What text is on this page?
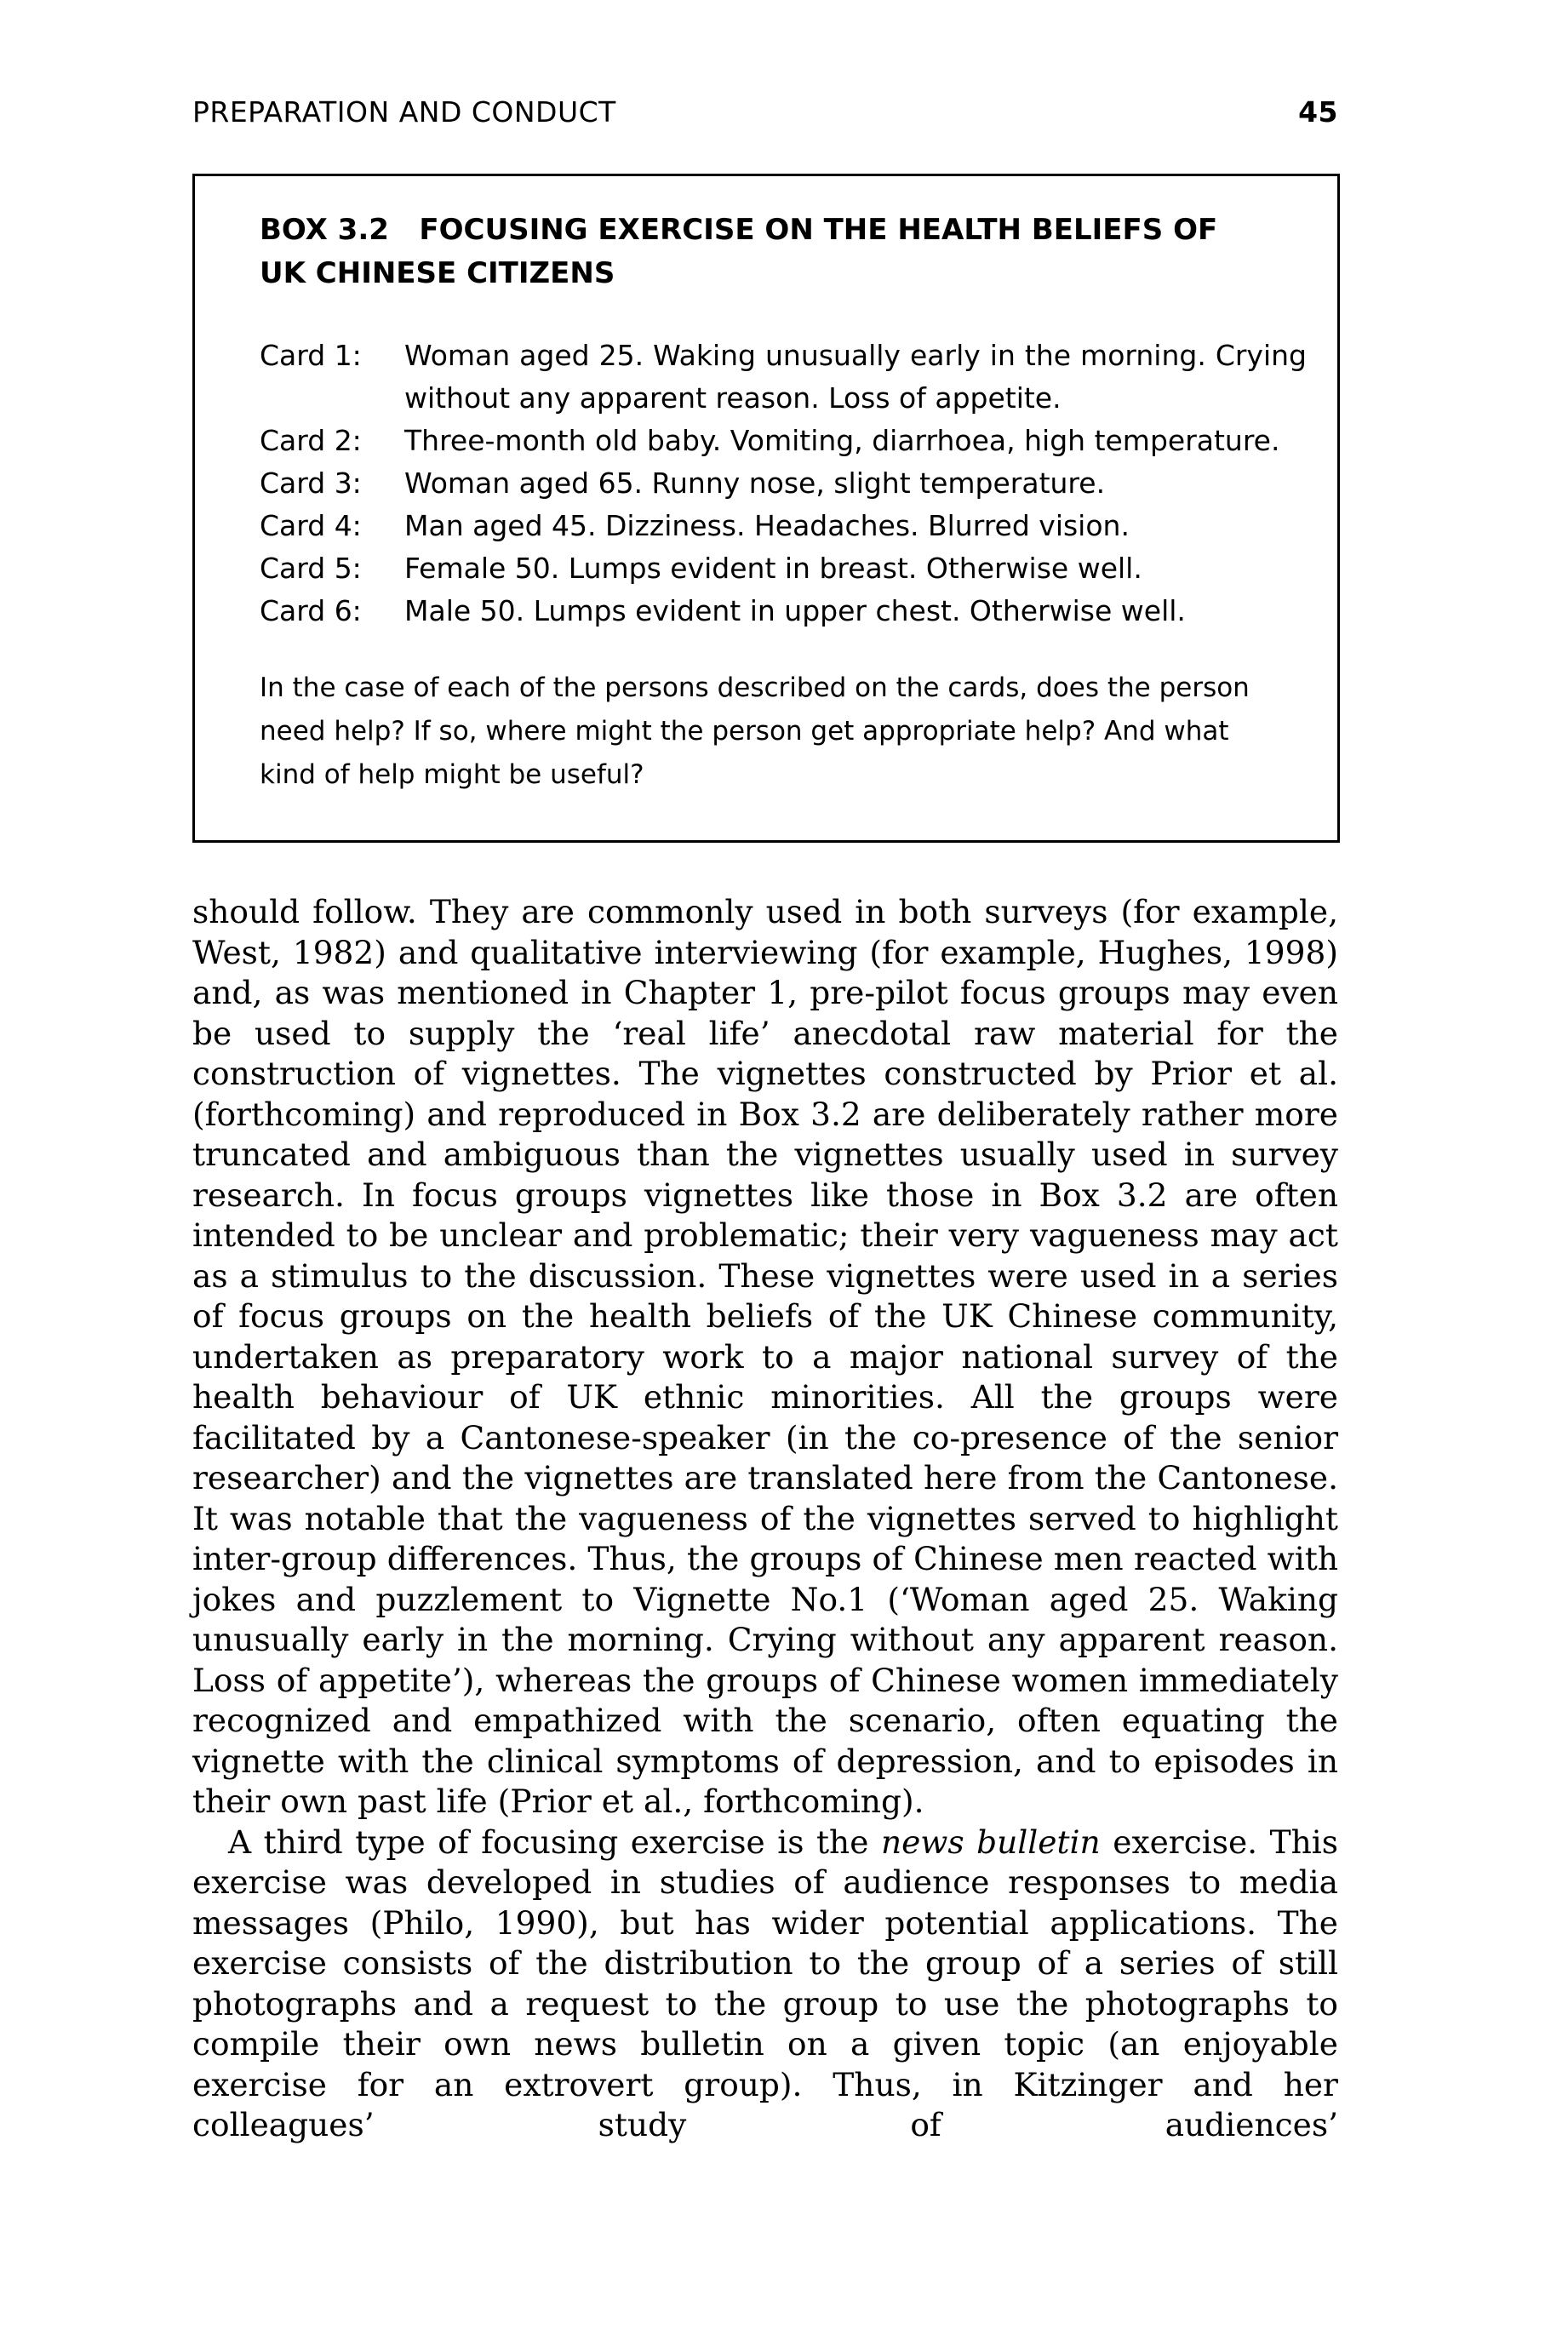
PREPARATION AND CONDUCT	45
BOX 3.2   FOCUSING EXERCISE ON THE HEALTH BELIEFS OF
UK CHINESE CITIZENS
Card 1:	Woman aged 25. Waking unusually early in the morning. Crying without any apparent reason. Loss of appetite.
Card 2:	Three-month old baby. Vomiting, diarrhoea, high temperature.
Card 3:	Woman aged 65. Runny nose, slight temperature.
Card 4:	Man aged 45. Dizziness. Headaches. Blurred vision.
Card 5:	Female 50. Lumps evident in breast. Otherwise well.
Card 6:	Male 50. Lumps evident in upper chest. Otherwise well.
In the case of each of the persons described on the cards, does the person need help? If so, where might the person get appropriate help? And what kind of help might be useful?

should follow. They are commonly used in both surveys (for example, West, 1982) and qualitative interviewing (for example, Hughes, 1998) and, as was mentioned in Chapter 1, pre-pilot focus groups may even be used to supply the ‘real life’ anecdotal raw material for the construction of vignettes. The vignettes constructed by Prior et al. (forthcoming) and reproduced in Box 3.2 are deliberately rather more truncated and ambiguous than the vignettes usually used in survey research. In focus groups vignettes like those in Box 3.2 are often intended to be unclear and problematic; their very vagueness may act as a stimulus to the discussion. These vignettes were used in a series of focus groups on the health beliefs of the UK Chinese community, undertaken as preparatory work to a major national survey of the health behaviour of UK ethnic minorities. All the groups were facilitated by a Cantonese-speaker (in the co-presence of the senior researcher) and the vignettes are translated here from the Cantonese. It was notable that the vagueness of the vignettes served to highlight inter-group differences. Thus, the groups of Chinese men reacted with jokes and puzzlement to Vignette No.1 (‘Woman aged 25. Waking unusually early in the morning. Crying without any apparent reason. Loss of appetite’), whereas the groups of Chinese women immediately recognized and empathized with the scenario, often equating the vignette with the clinical symptoms of depression, and to episodes in their own past life (Prior et al., forthcoming).

A third type of focusing exercise is the news bulletin exercise. This exercise was developed in studies of audience responses to media messages (Philo, 1990), but has wider potential applications. The exercise consists of the distribution to the group of a series of still photographs and a request to the group to use the photographs to compile their own news bulletin on a given topic (an enjoyable exercise for an extrovert group). Thus, in Kitzinger and her colleagues’ study of audiences’
